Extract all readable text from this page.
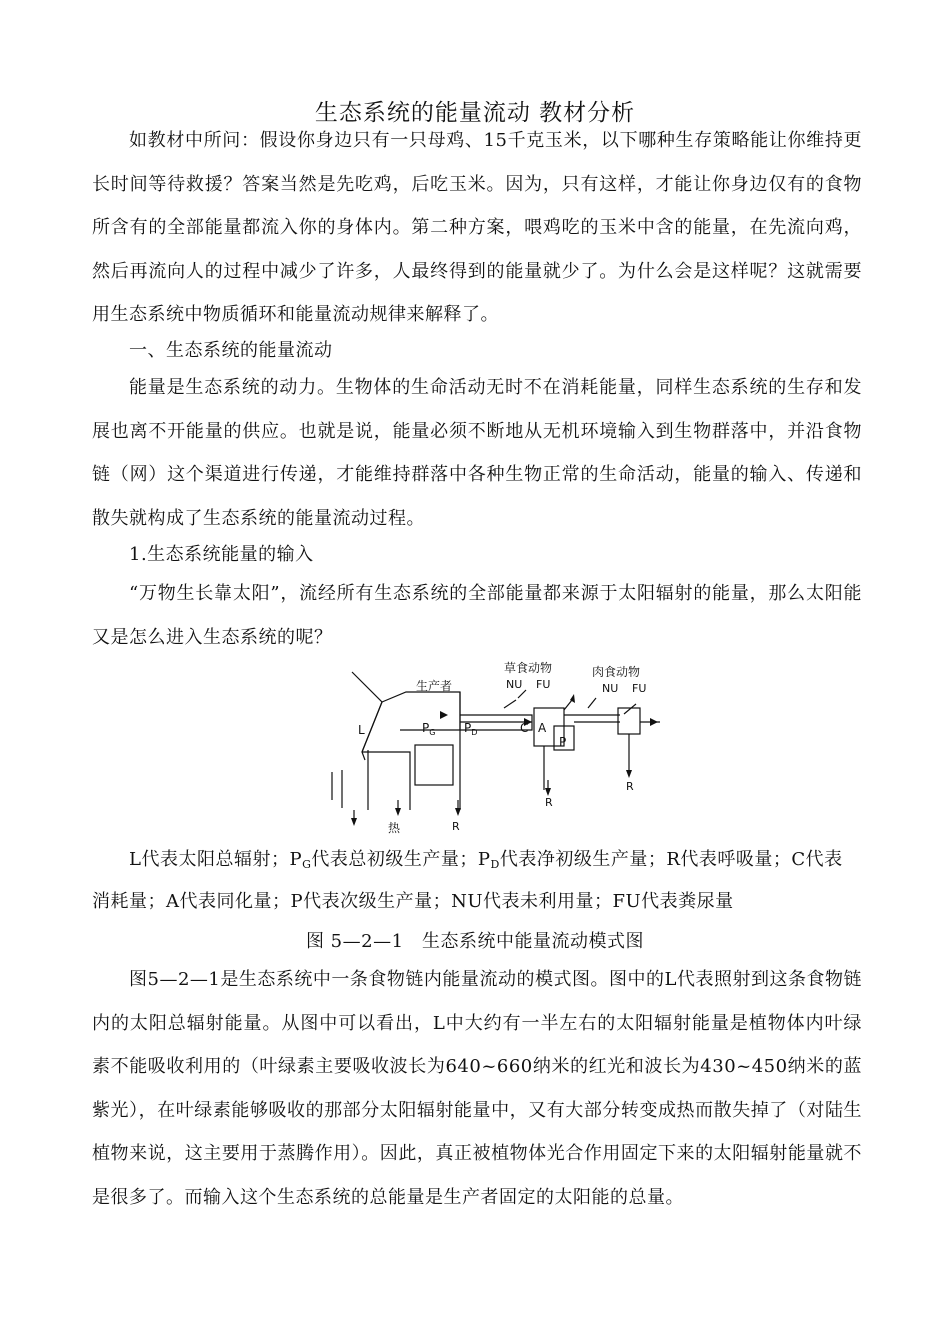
生态系统的能量流动 教材分析

如教材中所问：假设你身边只有一只母鸡、15千克玉米，以下哪种生存策略能让你维持更长时间等待救援？答案当然是先吃鸡，后吃玉米。因为，只有这样，才能让你身边仅有的食物所含有的全部能量都流入你的身体内。第二种方案，喂鸡吃的玉米中含的能量，在先流向鸡，然后再流向人的过程中减少了许多，人最终得到的能量就少了。为什么会是这样呢？这就需要用生态系统中物质循环和能量流动规律来解释了。

一、生态系统的能量流动

能量是生态系统的动力。生物体的生命活动无时不在消耗能量，同样生态系统的生存和发展也离不开能量的供应。也就是说，能量必须不断地从无机环境输入到生物群落中，并沿食物链（网）这个渠道进行传递，才能维持群落中各种生物正常的生命活动，能量的输入、传递和散失就构成了生态系统的能量流动过程。

1.生态系统能量的输入

“万物生长靠太阳”，流经所有生态系统的全部能量都来源于太阳辐射的能量，那么太阳能又是怎么进入生态系统的呢？

生产者
草食动物	肉食动物
NU FU	NU FU
L	$P_G$ $P_D$	C A
P
热	R
R
R

L代表太阳总辐射；$P_G$代表总初级生产量；$P_D$代表净初级生产量；R代表呼吸量；C代表

消耗量；A代表同化量；P代表次级生产量；NU代表未利用量；FU代表粪尿量

图 5—2—1　生态系统中能量流动模式图

图5—2—1是生态系统中一条食物链内能量流动的模式图。图中的L代表照射到这条食物链内的太阳总辐射能量。从图中可以看出，L中大约有一半左右的太阳辐射能量是植物体内叶绿素不能吸收利用的（叶绿素主要吸收波长为640~660纳米的红光和波长为430~450纳米的蓝紫光），在叶绿素能够吸收的那部分太阳辐射能量中，又有大部分转变成热而散失掉了（对陆生植物来说，这主要用于蒸腾作用）。因此，真正被植物体光合作用固定下来的太阳辐射能量就不是很多了。而输入这个生态系统的总能量是生产者固定的太阳能的总量。
